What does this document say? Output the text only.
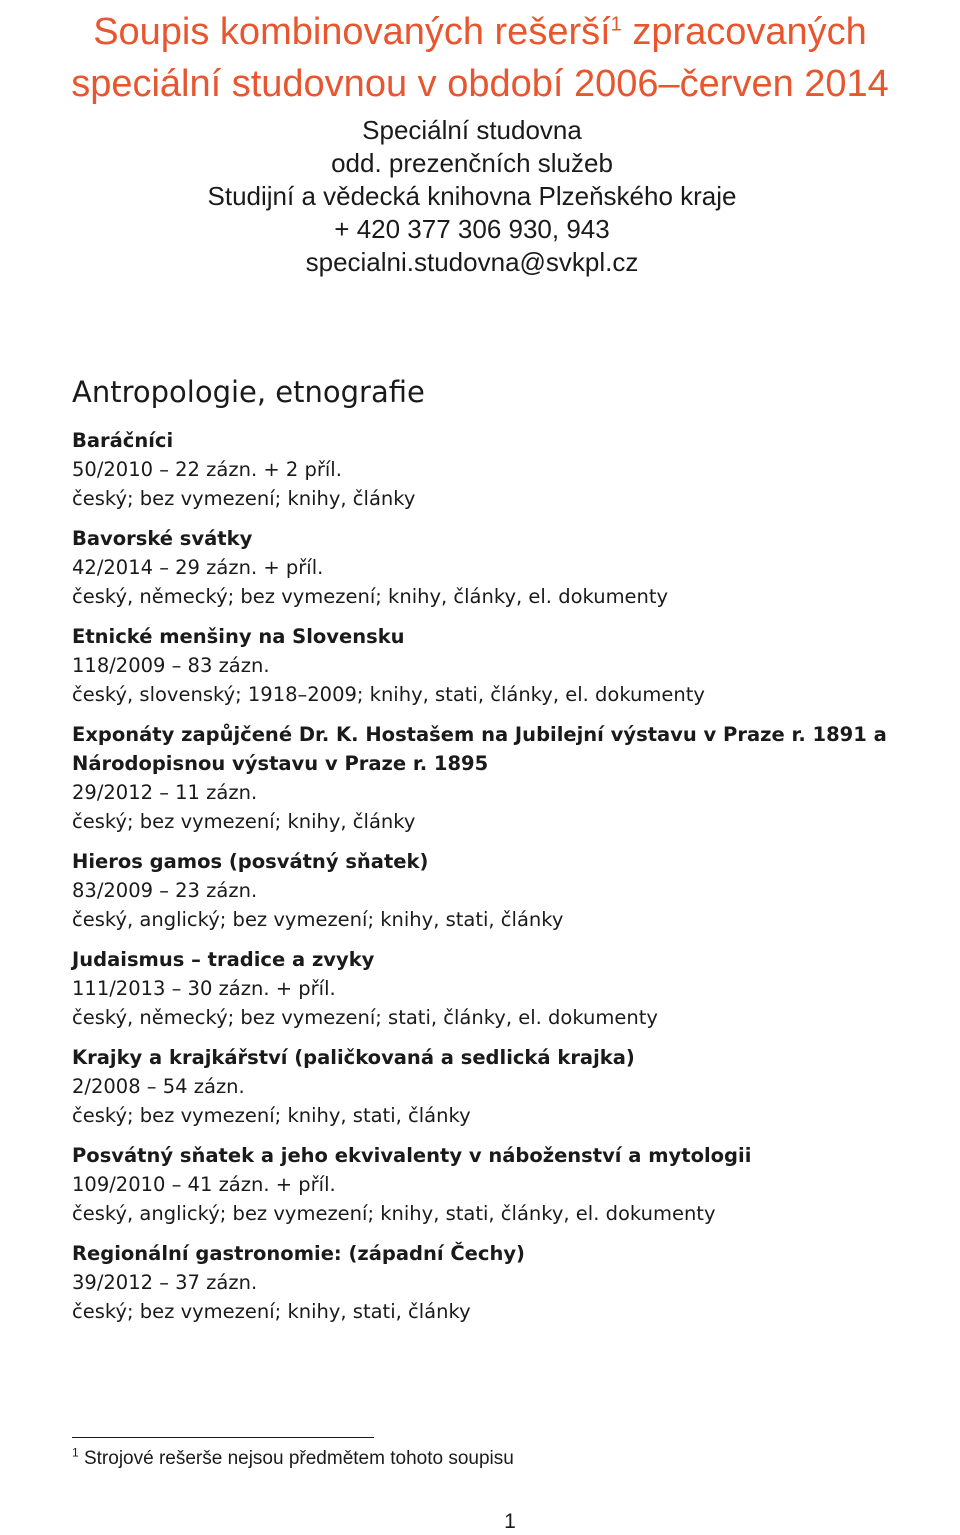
Soupis kombinovaných rešerší$^1$ zpracovaných
speciální studovnou v období 2006–červen 2014
Speciální studovna
odd. prezenčních služeb
Studijní a vědecká knihovna Plzeňského kraje
+ 420 377 306 930, 943
specialni.studovna@svkpl.cz
Antropologie, etnografie
Baráčníci
50/2010 – 22 zázn. + 2 příl.
český; bez vymezení; knihy, články
Bavorské svátky
42/2014 – 29 zázn. + příl.
český, německý; bez vymezení; knihy, články, el. dokumenty
Etnické menšiny na Slovensku
118/2009 – 83 zázn.
český, slovenský; 1918–2009; knihy, stati, články, el. dokumenty
Exponáty zapůjčené Dr. K. Hostašem na Jubilejní výstavu v Praze r. 1891 a Národopisnou výstavu v Praze r. 1895
29/2012 – 11 zázn.
český; bez vymezení; knihy, články
Hieros gamos (posvátný sňatek)
83/2009 – 23 zázn.
český, anglický; bez vymezení; knihy, stati, články
Judaismus – tradice a zvyky
111/2013 – 30 zázn. + příl.
český, německý; bez vymezení; stati, články, el. dokumenty
Krajky a krajkářství (paličkovaná a sedlická krajka)
2/2008 – 54 zázn.
český; bez vymezení; knihy, stati, články
Posvátný sňatek a jeho ekvivalenty v náboženství a mytologii
109/2010 – 41 zázn. + příl.
český, anglický; bez vymezení; knihy, stati, články, el. dokumenty
Regionální gastronomie: (západní Čechy)
39/2012 – 37 zázn.
český; bez vymezení; knihy, stati, články
$^1$ Strojové rešerše nejsou předmětem tohoto soupisu
1
